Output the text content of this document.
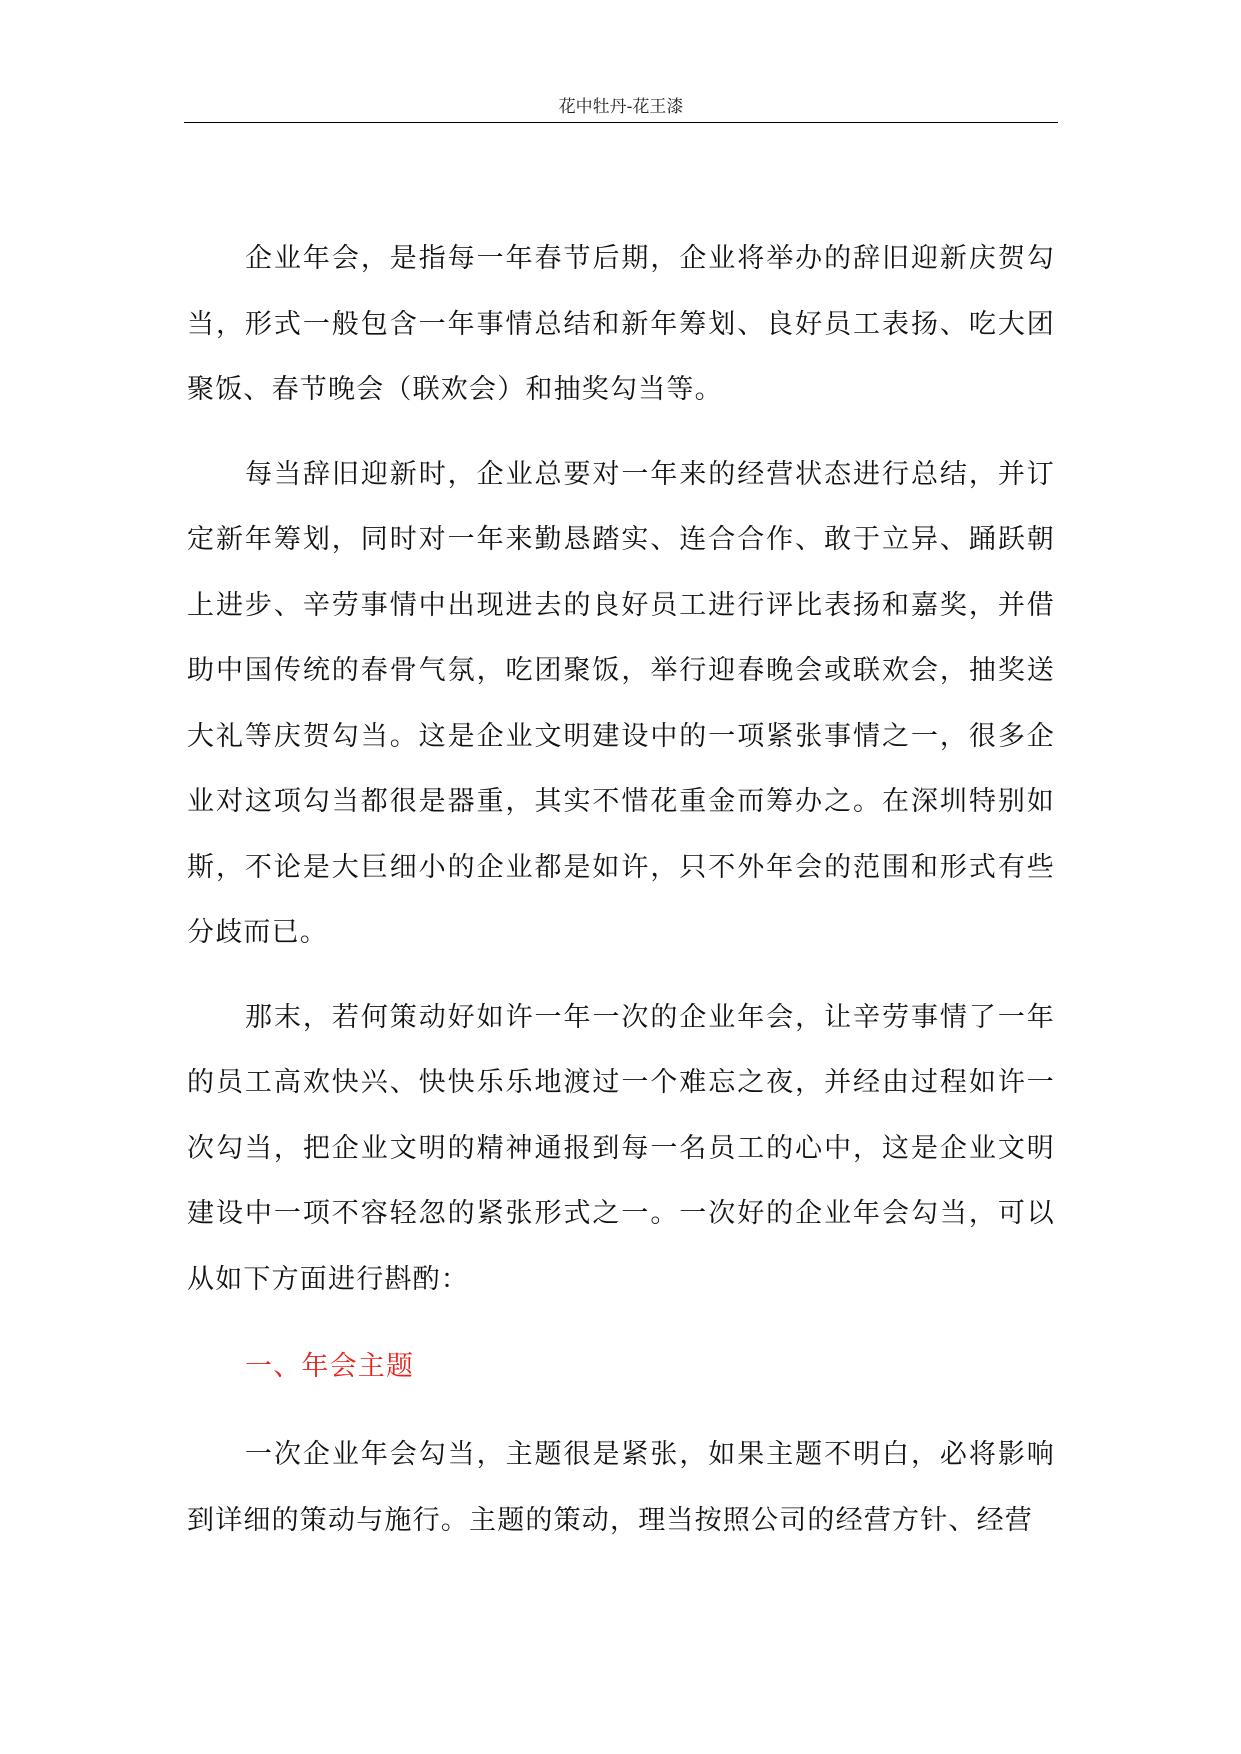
花中牡丹-花王漆

企业年会，是指每一年春节后期，企业将举办的辞旧迎新庆贺勾当，形式一般包含一年事情总结和新年筹划、良好员工表扬、吃大团聚饭、春节晚会（联欢会）和抽奖勾当等。

每当辞旧迎新时，企业总要对一年来的经营状态进行总结，并订定新年筹划，同时对一年来勤恳踏实、连合合作、敢于立异、踊跃朝上进步、辛劳事情中出现进去的良好员工进行评比表扬和嘉奖，并借助中国传统的春骨气氛，吃团聚饭，举行迎春晚会或联欢会，抽奖送大礼等庆贺勾当。这是企业文明建设中的一项紧张事情之一，很多企业对这项勾当都很是器重，其实不惜花重金而筹办之。在深圳特别如斯，不论是大巨细小的企业都是如许，只不外年会的范围和形式有些分歧而已。

那末，若何策动好如许一年一次的企业年会，让辛劳事情了一年的员工高欢快兴、快快乐乐地渡过一个难忘之夜，并经由过程如许一次勾当，把企业文明的精神通报到每一名员工的心中，这是企业文明建设中一项不容轻忽的紧张形式之一。一次好的企业年会勾当，可以从如下方面进行斟酌：

一、年会主题

一次企业年会勾当，主题很是紧张，如果主题不明白，必将影响到详细的策动与施行。主题的策动，理当按照公司的经营方针、经营
